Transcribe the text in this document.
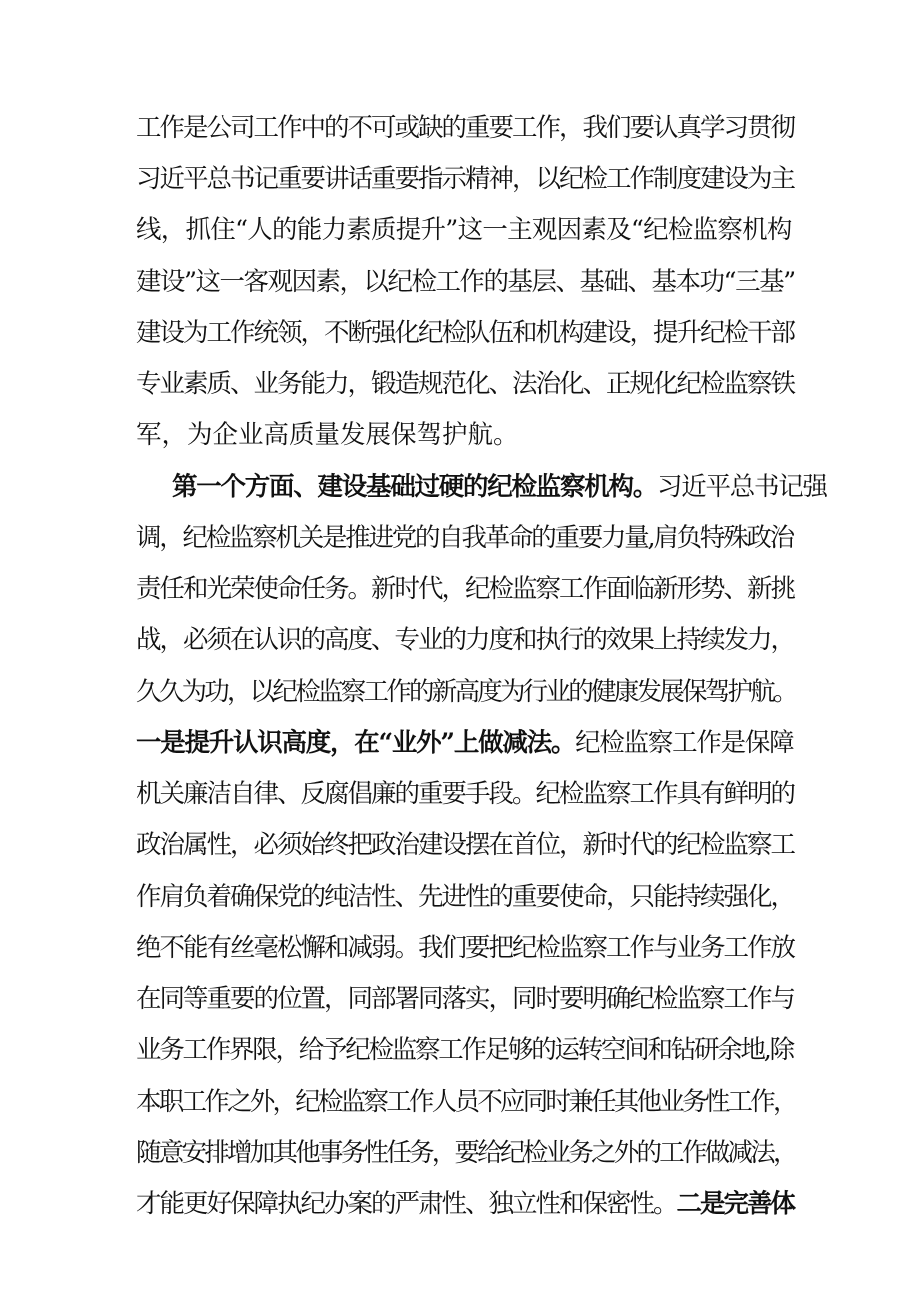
工作是公司工作中的不可或缺的重要工作，我们要认真学习贯彻
习近平总书记重要讲话重要指示精神，以纪检工作制度建设为主
线，抓住“人的能力素质提升”这一主观因素及“纪检监察机构
建设”这一客观因素，以纪检工作的基层、基础、基本功“三基”
建设为工作统领，不断强化纪检队伍和机构建设，提升纪检干部
专业素质、业务能力，锻造规范化、法治化、正规化纪检监察铁
军，为企业高质量发展保驾护航。
第一个方面、建设基础过硬的纪检监察机构。习近平总书记强
调，纪检监察机关是推进党的自我革命的重要力量,肩负特殊政治
责任和光荣使命任务。新时代，纪检监察工作面临新形势、新挑
战，必须在认识的高度、专业的力度和执行的效果上持续发力，
久久为功，以纪检监察工作的新高度为行业的健康发展保驾护航。
一是提升认识高度，在“业外”上做减法。纪检监察工作是保障
机关廉洁自律、反腐倡廉的重要手段。纪检监察工作具有鲜明的
政治属性，必须始终把政治建设摆在首位，新时代的纪检监察工
作肩负着确保党的纯洁性、先进性的重要使命，只能持续强化，
绝不能有丝毫松懈和减弱。我们要把纪检监察工作与业务工作放
在同等重要的位置，同部署同落实，同时要明确纪检监察工作与
业务工作界限，给予纪检监察工作足够的运转空间和钻研余地,除
本职工作之外，纪检监察工作人员不应同时兼任其他业务性工作，
随意安排增加其他事务性任务，要给纪检业务之外的工作做减法，
才能更好保障执纪办案的严肃性、独立性和保密性。二是完善体
